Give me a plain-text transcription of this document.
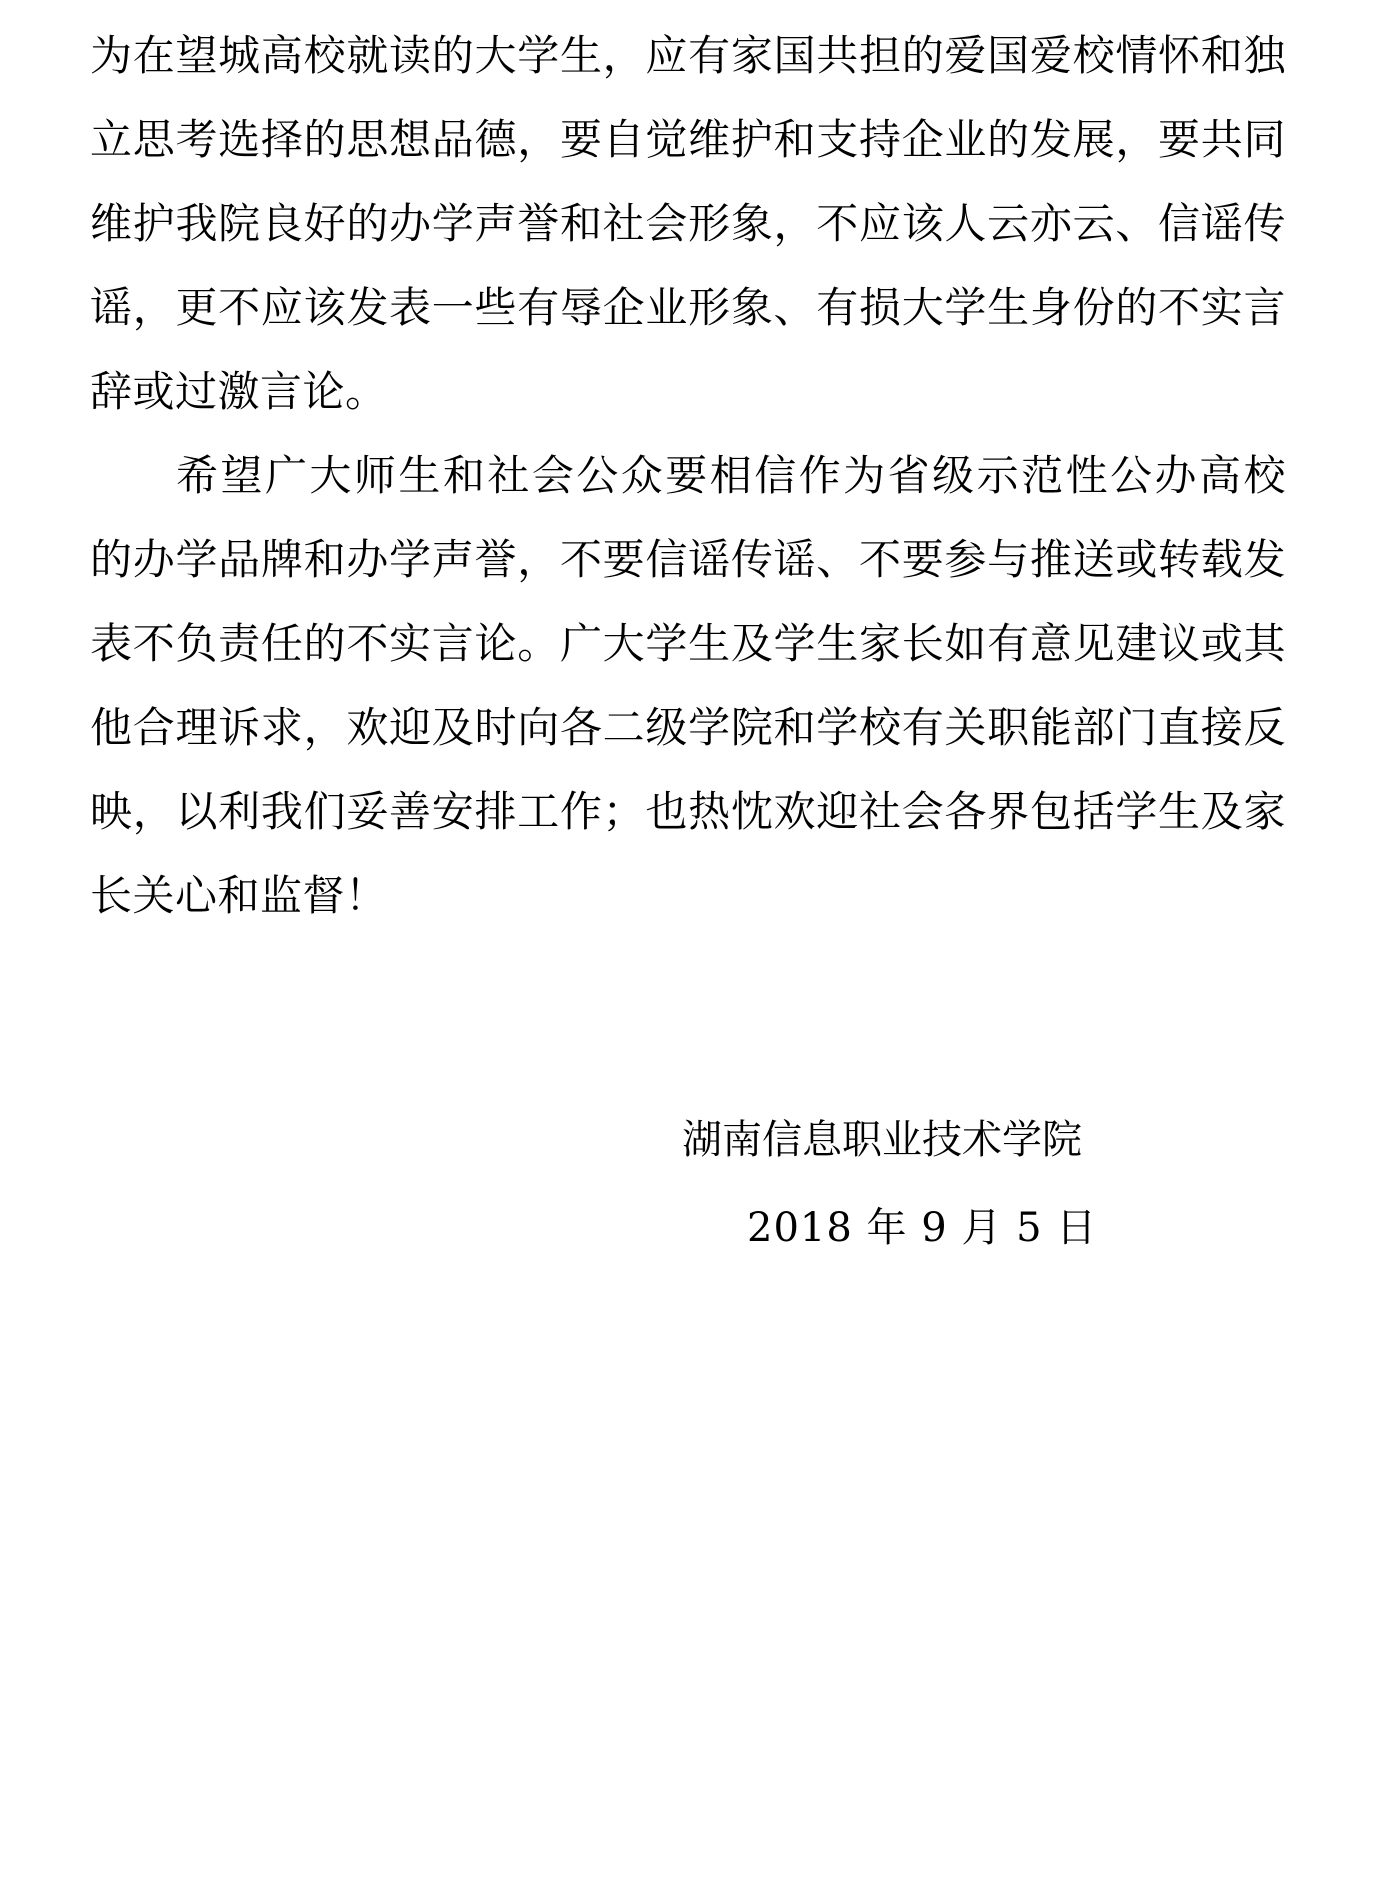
为在望城高校就读的大学生，应有家国共担的爱国爱校情怀和独
立思考选择的思想品德，要自觉维护和支持企业的发展，要共同
维护我院良好的办学声誉和社会形象，不应该人云亦云、信谣传
谣，更不应该发表一些有辱企业形象、有损大学生身份的不实言
辞或过激言论。
希望广大师生和社会公众要相信作为省级示范性公办高校
的办学品牌和办学声誉，不要信谣传谣、不要参与推送或转载发
表不负责任的不实言论。广大学生及学生家长如有意见建议或其
他合理诉求，欢迎及时向各二级学院和学校有关职能部门直接反
映，以利我们妥善安排工作；也热忱欢迎社会各界包括学生及家
长关心和监督！
湖南信息职业技术学院
2018 年 9 月 5 日
